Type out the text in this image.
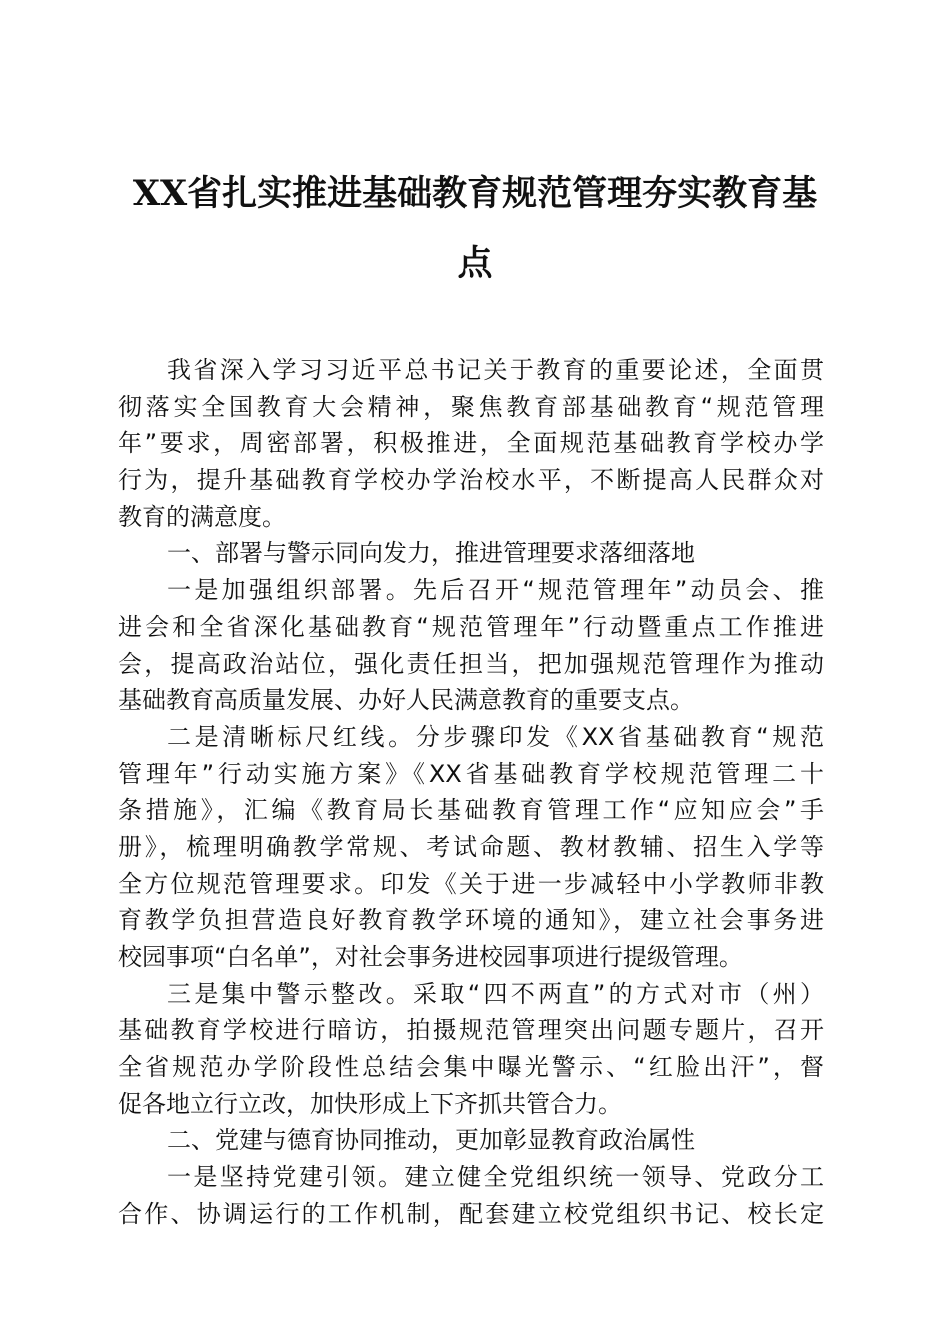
XX省扎实推进基础教育规范管理夯实教育基
点
我省深入学习习近平总书记关于教育的重要论述，全面贯
彻落实全国教育大会精神，聚焦教育部基础教育“规范管理
年”要求，周密部署，积极推进，全面规范基础教育学校办学
行为，提升基础教育学校办学治校水平，不断提高人民群众对
教育的满意度。
一、部署与警示同向发力，推进管理要求落细落地
一是加强组织部署。先后召开“规范管理年”动员会、推
进会和全省深化基础教育“规范管理年”行动暨重点工作推进
会，提高政治站位，强化责任担当，把加强规范管理作为推动
基础教育高质量发展、办好人民满意教育的重要支点。
二是清晰标尺红线。分步骤印发《XX省基础教育“规范
管理年”行动实施方案》《XX省基础教育学校规范管理二十
条措施》，汇编《教育局长基础教育管理工作“应知应会”手
册》，梳理明确教学常规、考试命题、教材教辅、招生入学等
全方位规范管理要求。印发《关于进一步减轻中小学教师非教
育教学负担营造良好教育教学环境的通知》，建立社会事务进
校园事项“白名单”，对社会事务进校园事项进行提级管理。
三是集中警示整改。采取“四不两直”的方式对市（州）
基础教育学校进行暗访，拍摄规范管理突出问题专题片，召开
全省规范办学阶段性总结会集中曝光警示、“红脸出汗”，督
促各地立行立改，加快形成上下齐抓共管合力。
二、党建与德育协同推动，更加彰显教育政治属性
一是坚持党建引领。建立健全党组织统一领导、党政分工
合作、协调运行的工作机制，配套建立校党组织书记、校长定
